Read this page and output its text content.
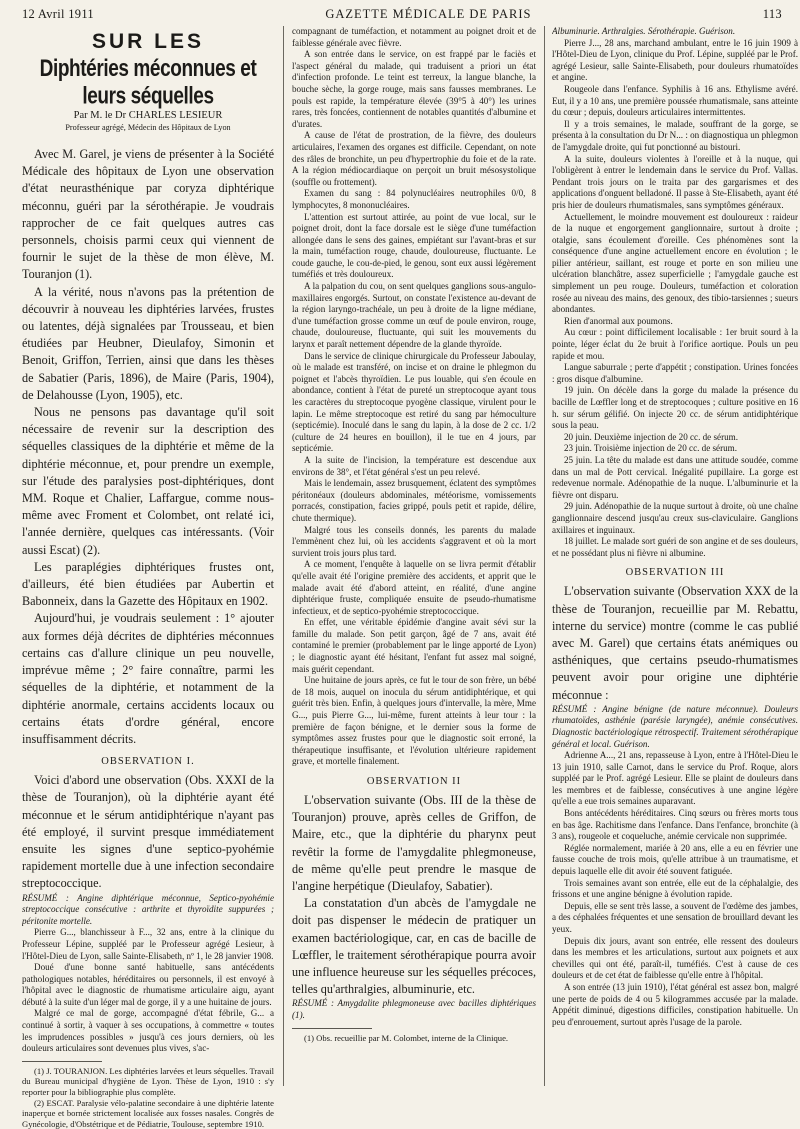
12 Avril 1911	GAZETTE MÉDICALE DE PARIS	113
SUR LES
Diphtéries méconnues et leurs séquelles
Par M. le Dr CHARLES LESIEUR
Professeur agrégé, Médecin des Hôpitaux de Lyon

Avec M. Garel, je viens de présenter à la Société Médicale des hôpitaux de Lyon une observation d'état neurasthénique par coryza diphtérique méconnu, guéri par la sérothérapie. Je voudrais rapprocher de ce fait quelques autres cas personnels, choisis parmi ceux qui viennent de fournir le sujet de la thèse de mon élève, M. Touranjon (1).

A la vérité, nous n'avons pas la prétention de découvrir à nouveau les diphtéries larvées, frustes ou latentes, déjà signalées par Trousseau, et bien étudiées par Heubner, Dieulafoy, Simonin et Benoit, Griffon, Terrien, ainsi que dans les thèses de Sabatier (Paris, 1896), de Maire (Paris, 1904), de Delahousse (Lyon, 1905), etc.

Nous ne pensons pas davantage qu'il soit nécessaire de revenir sur la description des séquelles classiques de la diphtérie et même de la diphtérie méconnue, et, pour prendre un exemple, sur l'étude des paralysies post-diphtériques, dont MM. Roque et Chalier, Laffargue, comme nous-même avec Froment et Colombet, ont relaté ici, l'année dernière, quelques cas intéressants. (Voir aussi Escat) (2).

Les paraplégies diphtériques frustes ont, d'ailleurs, été bien étudiées par Aubertin et Babonneix, dans la Gazette des Hôpitaux en 1902.

Aujourd'hui, je voudrais seulement : 1° ajouter aux formes déjà décrites de diphtéries méconnues certains cas d'allure clinique un peu nouvelle, imprévue même ; 2° faire connaître, parmi les séquelles de la diphtérie, et notamment de la diphtérie anormale, certains accidents locaux ou certains états d'ordre général, encore insuffisamment décrits.

OBSERVATION I.

Voici d'abord une observation (Obs. XXXI de la thèse de Touranjon), où la diphtérie ayant été méconnue et le sérum antidiphtérique n'ayant pas été employé, il survint presque immédiatement ensuite les signes d'une septico-pyohémie rapidement mortelle due à une infection secondaire streptococcique.

RÉSUMÉ : Angine diphtérique méconnue, Septico-pyohémie streptococcique consécutive : arthrite et thyroïdite suppurées ; péritonite mortelle.

Pierre G..., blanchisseur à F..., 32 ans, entre à la clinique du Professeur Lépine, suppléé par le Professeur agrégé Lesieur, à l'Hôtel-Dieu de Lyon, salle Sainte-Elisabeth, nº 1, le 28 janvier 1908.

Doué d'une bonne santé habituelle, sans antécédents pathologiques notables, héréditaires ou personnels, il est envoyé à l'hôpital avec le diagnostic de rhumatisme articulaire aigu, ayant débuté à la suite d'un léger mal de gorge, il y a une huitaine de jours.

Malgré ce mal de gorge, accompagné d'état fébrile, G... a continué à sortir, à vaquer à ses occupations, à commettre « toutes les imprudences possibles » jusqu'à ces jours derniers, où les douleurs articulaires sont devenues plus vives, s'ac-

(1) J. TOURANJON. Les diphtéries larvées et leurs séquelles. Travail du Bureau municipal d'hygiène de Lyon. Thèse de Lyon, 1910 : s'y reporter pour la bibliographie plus complète.

(2) ESCAT. Paralysie vélo-palatine secondaire à une diphtérie latente inaperçue et bornée strictement localisée aux fosses nasales. Congrès de Gynécologie, d'Obstétrique et de Pédiatrie, Toulouse, septembre 1910.

compagnant de tuméfaction, et notamment au poignet droit et de faiblesse générale avec fièvre.

A son entrée dans le service, on est frappé par le faciès et l'aspect général du malade, qui traduisent a priori un état d'infection profonde. Le teint est terreux, la langue blanche, la bouche sèche, la gorge rouge, mais sans fausses membranes. Le pouls est rapide, la température élevée (39°5 à 40°) les urines rares, très foncées, contiennent de notables quantités d'albumine et d'urates.

A cause de l'état de prostration, de la fièvre, des douleurs articulaires, l'examen des organes est difficile. Cependant, on note des râles de bronchite, un peu d'hypertrophie du foie et de la rate. A la région médiocardiaque on perçoit un bruit mésosystolique (souffle ou frottement).

Examen du sang : 84 polynucléaires neutrophiles 0/0, 8 lymphocytes, 8 mononucléaires.

L'attention est surtout attirée, au point de vue local, sur le poignet droit, dont la face dorsale est le siège d'une tuméfaction allongée dans le sens des gaines, empiétant sur l'avant-bras et sur la main, tuméfaction rouge, chaude, douloureuse, fluctuante. Le coude gauche, le cou-de-pied, le genou, sont eux aussi légèrement tuméfiés et très douloureux.

A la palpation du cou, on sent quelques ganglions sous-angulo-maxillaires engorgés. Surtout, on constate l'existence au-devant de la région laryngo-trachéale, un peu à droite de la ligne médiane, d'une tuméfaction grosse comme un œuf de poule environ, rouge, chaude, douloureuse, fluctuante, qui suit les mouvements du larynx et paraît nettement dépendre de la glande thyroïde.

Dans le service de clinique chirurgicale du Professeur Jaboulay, où le malade est transféré, on incise et on draine le phlegmon du poignet et l'abcès thyroïdien. Le pus louable, qui s'en écoule en abondance, contient à l'état de pureté un streptocoque ayant tous les caractères du streptocoque pyogène classique, virulent pour le lapin. Le même streptocoque est retiré du sang par hémoculture (septicémie). Inoculé dans le sang du lapin, à la dose de 2 cc. 1/2 (culture de 24 heures en bouillon), il le tue en 4 jours, par septicémie.

A la suite de l'incision, la température est descendue aux environs de 38°, et l'état général s'est un peu relevé.

Mais le lendemain, assez brusquement, éclatent des symptômes péritonéaux (douleurs abdominales, météorisme, vomissements porracés, constipation, facies grippé, pouls petit et rapide, délire, chute thermique).

Malgré tous les conseils donnés, les parents du malade l'emmènent chez lui, où les accidents s'aggravent et où la mort survient trois jours plus tard.

A ce moment, l'enquête à laquelle on se livra permit d'établir qu'elle avait été l'origine première des accidents, et apprit que le malade avait été d'abord atteint, en réalité, d'une angine diphtérique fruste, compliquée ensuite de pseudo-rhumatisme infectieux, et de septico-pyohémie streptococcique.

En effet, une véritable épidémie d'angine avait sévi sur la famille du malade. Son petit garçon, âgé de 7 ans, avait été contaminé le premier (probablement par le linge apporté de Lyon) ; le diagnostic ayant été hésitant, l'enfant fut assez mal soigné, mais guérit cependant.

Une huitaine de jours après, ce fut le tour de son frère, un bébé de 18 mois, auquel on inocula du sérum antidiphtérique, et qui guérit très bien. Enfin, à quelques jours d'intervalle, la mère, Mme G..., puis Pierre G..., lui-même, furent atteints à leur tour : la première de façon bénigne, et le dernier sous la forme de symptômes assez frustes pour que le diagnostic soit erroné, la thérapeutique insuffisante, et l'évolution ultérieure rapidement grave, et mortelle finalement.

OBSERVATION II

L'observation suivante (Obs. III de la thèse de Touranjon) prouve, après celles de Griffon, de Maire, etc., que la diphtérie du pharynx peut revêtir la forme de l'amygdalite phlegmoneuse, de même qu'elle peut prendre le masque de l'angine herpétique (Dieulafoy, Sabatier).

La constatation d'un abcès de l'amygdale ne doit pas dispenser le médecin de pratiquer un examen bactériologique, car, en cas de bacille de Lœffler, le traitement sérothérapique pourra avoir une influence heureuse sur les séquelles précoces, telles qu'arthralgies, albuminurie, etc.

RÉSUMÉ : Amygdalite phlegmoneuse avec bacilles diphtériques (1).

(1) Obs. recueillie par M. Colombet, interne de la Clinique.

Albuminurie. Arthralgies. Sérothérapie. Guérison.

Pierre J..., 28 ans, marchand ambulant, entre le 16 juin 1909 à l'Hôtel-Dieu de Lyon, clinique du Prof. Lépine, suppléé par le Prof. agrégé Lesieur, salle Sainte-Elisabeth, pour douleurs rhumatoïdes et angine.

Rougeole dans l'enfance. Syphilis à 16 ans. Ethylisme avéré. Eut, il y a 10 ans, une première poussée rhumatismale, sans atteinte du cœur ; depuis, douleurs articulaires intermittentes.

Il y a trois semaines, le malade, souffrant de la gorge, se présenta à la consultation du Dr N... : on diagnostiqua un phlegmon de l'amygdale droite, qui fut ponctionné au bistouri.

A la suite, douleurs violentes à l'oreille et à la nuque, qui l'obligèrent à entrer le lendemain dans le service du Prof. Vallas. Pendant trois jours on le traita par des gargarismes et des applications d'onguent belladoné. Il passe à Ste-Elisabeth, ayant été pris hier de douleurs rhumatismales, sans symptômes généraux.

Actuellement, le moindre mouvement est douloureux : raideur de la nuque et engorgement ganglionnaire, surtout à droite ; otalgie, sans écoulement d'oreille. Ces phénomènes sont la conséquence d'une angine actuellement encore en évolution ; le pilier antérieur, saillant, est rouge et porte en son milieu une ulcération blanchâtre, assez superficielle ; l'amygdale gauche est simplement un peu rouge. Douleurs, tuméfaction et coloration rosée au niveau des mains, des genoux, des tibio-tarsiennes ; sueurs abondantes.

Rien d'anormal aux poumons.

Au cœur : point difficilement localisable : 1er bruit sourd à la pointe, léger éclat du 2e bruit à l'orifice aortique. Pouls un peu rapide et mou.

Langue saburrale ; perte d'appétit ; constipation. Urines foncées : gros disque d'albumine.

19 juin. On décèle dans la gorge du malade la présence du bacille de Lœffler long et de streptocoques ; culture positive en 16 h. sur sérum gélifié. On injecte 20 cc. de sérum antidiphtérique sous la peau.

20 juin. Deuxième injection de 20 cc. de sérum.

23 juin. Troisième injection de 20 cc. de sérum.

25 juin. La tête du malade est dans une attitude soudée, comme dans un mal de Pott cervical. Inégalité pupillaire. La gorge est redevenue normale. Adénopathie de la nuque. L'albuminurie et la fièvre ont disparu.

29 juin. Adénopathie de la nuque surtout à droite, où une chaîne ganglionnaire descend jusqu'au creux sus-claviculaire. Ganglions axillaires et inguinaux.

18 juillet. Le malade sort guéri de son angine et de ses douleurs, et ne possédant plus ni fièvre ni albumine.

OBSERVATION III

L'observation suivante (Observation XXX de la thèse de Touranjon, recueillie par M. Rebattu, interne du service) montre (comme le cas publié avec M. Garel) que certains états anémiques ou asthéniques, que certains pseudo-rhumatismes peuvent avoir pour origine une diphtérie méconnue :

RÉSUMÉ : Angine bénigne (de nature méconnue). Douleurs rhumatoïdes, asthénie (parésie laryngée), anémie consécutives. Diagnostic bactériologique rétrospectif. Traitement sérothérapique général et local. Guérison.

Adrienne A..., 21 ans, repasseuse à Lyon, entre à l'Hôtel-Dieu le 13 juin 1910, salle Carnot, dans le service du Prof. Roque, alors suppléé par le Prof. agrégé Lesieur. Elle se plaint de douleurs dans les membres et de faiblesse, consécutives à une angine légère qu'elle a eue trois semaines auparavant.

Bons antécédents héréditaires. Cinq sœurs ou frères morts tous en bas âge. Rachitisme dans l'enfance. Dans l'enfance, bronchite (à 3 ans), rougeole et coqueluche, anémie cervicale non supprimée.

Réglée normalement, mariée à 20 ans, elle a eu en février une fausse couche de trois mois, qu'elle attribue à un traumatisme, et depuis laquelle elle dit avoir été souvent fatiguée.

Trois semaines avant son entrée, elle eut de la céphalalgie, des frissons et une angine bénigne à évolution rapide.

Depuis, elle se sent très lasse, a souvent de l'œdème des jambes, a des céphalées fréquentes et une sensation de brouillard devant les yeux.

Depuis dix jours, avant son entrée, elle ressent des douleurs dans les membres et les articulations, surtout aux poignets et aux chevilles qui ont été, paraît-il, tuméfiés. C'est à cause de ces douleurs et de cet état de faiblesse qu'elle entre à l'hôpital.

A son entrée (13 juin 1910), l'état général est assez bon, malgré une perte de poids de 4 ou 5 kilogrammes accusée par la malade. Appétit diminué, digestions difficiles, constipation habituelle. Un peu d'enrouement, surtout après l'usage de la parole.
